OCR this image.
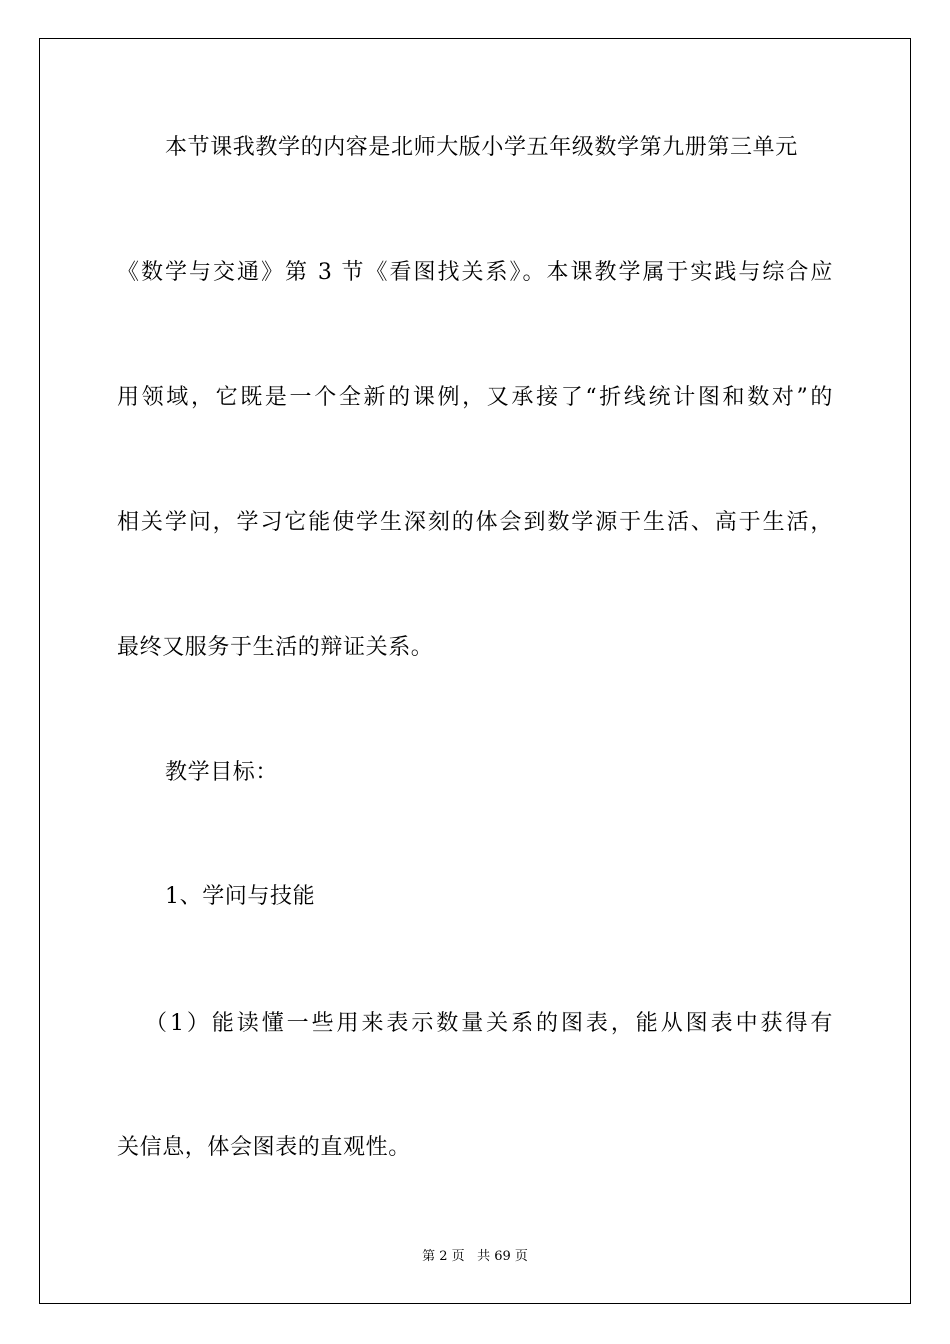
本节课我教学的内容是北师大版小学五年级数学第九册第三单元
《数学与交通》第 3 节《看图找关系》。本课教学属于实践与综合应
用领域，它既是一个全新的课例，又承接了“折线统计图和数对”的
相关学问，学习它能使学生深刻的体会到数学源于生活、高于生活，
最终又服务于生活的辩证关系。
教学目标：
1、学问与技能
（1）能读懂一些用来表示数量关系的图表，能从图表中获得有
关信息，体会图表的直观性。
第 2 页 共 69 页
